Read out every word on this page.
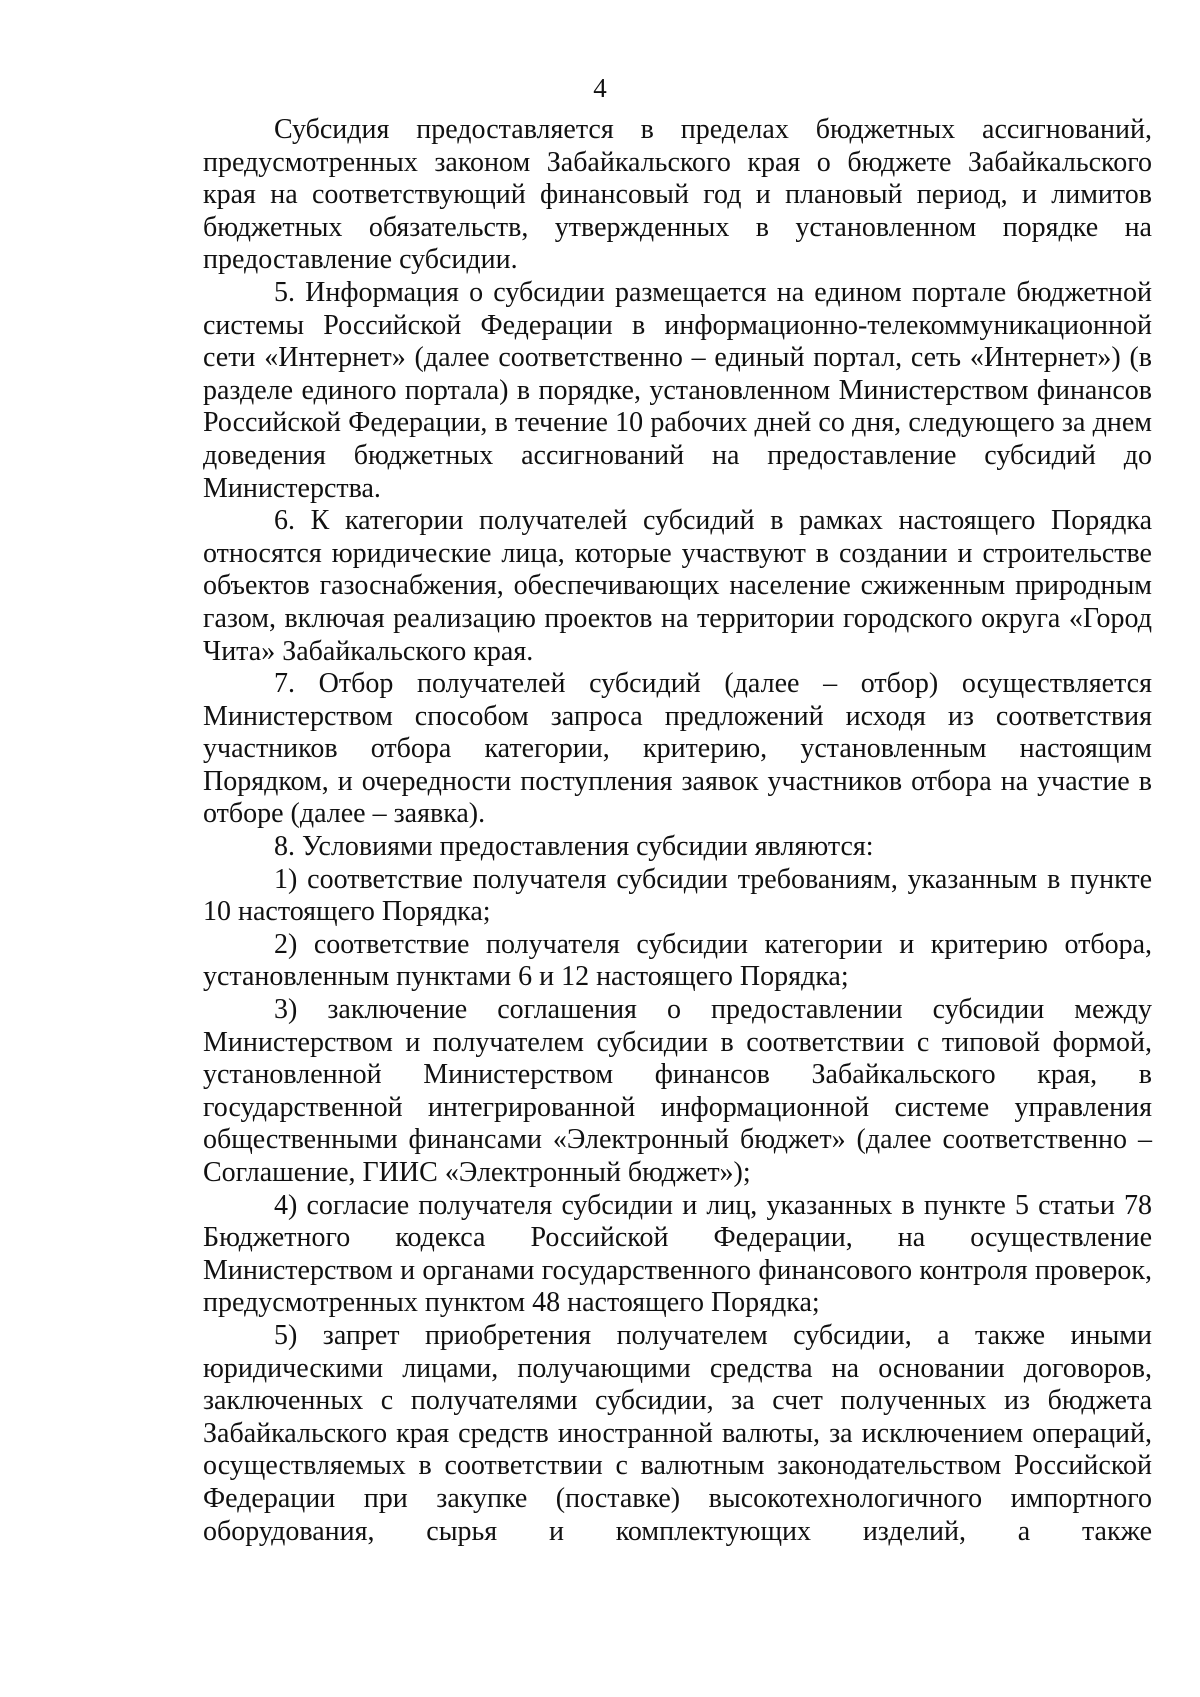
4

Субсидия предоставляется в пределах бюджетных ассигнований, предусмотренных законом Забайкальского края о бюджете Забайкальского края на соответствующий финансовый год и плановый период, и лимитов бюджетных обязательств, утвержденных в установленном порядке на предоставление субсидии.

5. Информация о субсидии размещается на едином портале бюджетной системы Российской Федерации в информационно-телекоммуникационной сети «Интернет» (далее соответственно – единый портал, сеть «Интернет») (в разделе единого портала) в порядке, установленном Министерством финансов Российской Федерации, в течение 10 рабочих дней со дня, следующего за днем доведения бюджетных ассигнований на предоставление субсидий до Министерства.

6. К категории получателей субсидий в рамках настоящего Порядка относятся юридические лица, которые участвуют в создании и строительстве объектов газоснабжения, обеспечивающих население сжиженным природным газом, включая реализацию проектов на территории городского округа «Город Чита» Забайкальского края.

7. Отбор получателей субсидий (далее – отбор) осуществляется Министерством способом запроса предложений исходя из соответствия участников отбора категории, критерию, установленным настоящим Порядком, и очередности поступления заявок участников отбора на участие в отборе (далее – заявка).

8. Условиями предоставления субсидии являются:

1) соответствие получателя субсидии требованиям, указанным в пункте 10 настоящего Порядка;

2) соответствие получателя субсидии категории и критерию отбора, установленным пунктами 6 и 12 настоящего Порядка;

3) заключение соглашения о предоставлении субсидии между Министерством и получателем субсидии в соответствии с типовой формой, установленной Министерством финансов Забайкальского края, в государственной интегрированной информационной системе управления общественными финансами «Электронный бюджет» (далее соответственно – Соглашение, ГИИС «Электронный бюджет»);

4) согласие получателя субсидии и лиц, указанных в пункте 5 статьи 78 Бюджетного кодекса Российской Федерации, на осуществление Министерством и органами государственного финансового контроля проверок, предусмотренных пунктом 48 настоящего Порядка;

5) запрет приобретения получателем субсидии, а также иными юридическими лицами, получающими средства на основании договоров, заключенных с получателями субсидии, за счет полученных из бюджета Забайкальского края средств иностранной валюты, за исключением операций, осуществляемых в соответствии с валютным законодательством Российской Федерации при закупке (поставке) высокотехнологичного импортного оборудования, сырья и комплектующих изделий, а также
